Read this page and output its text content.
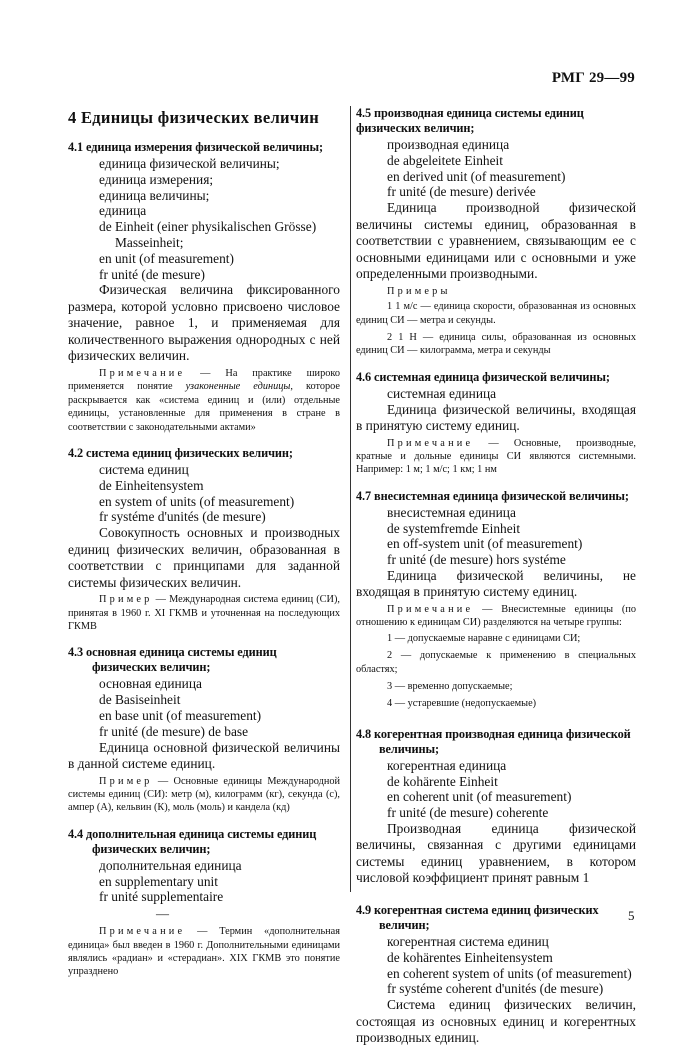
РМГ 29—99
4 Единицы физических величин
4.1 единица измерения физической величины;
единица физической величины;
единица измерения;
единица величины;
единица
de Einheit (einer physikalischen Grösse)
Masseinheit;
en unit (of measurement)
fr unité (de mesure)

Физическая величина фиксированного размера, которой условно присвоено числовое значение, равное 1, и применяемая для количественного выражения однородных с ней физических величин.

Примечание — На практике широко применяется понятие узаконенные единицы, которое раскрывается как «система единиц и (или) отдельные единицы, установленные для применения в стране в соответствии с законодательными актами»

4.2 система единиц физических величин;
система единиц
de Einheitensystem
en system of units (of measurement)
fr systéme d'unités (de mesure)

Совокупность основных и производных единиц физических величин, образованная в соответствии с принципами для заданной системы физических величин.

Пример — Международная система единиц (СИ), принятая в 1960 г. XI ГКМВ и уточненная на последующих ГКМВ

4.3 основная единица системы единиц физических величин;
основная единица
de Basiseinheit
en base unit (of measurement)
fr unité (de mesure) de base

Единица основной физической величины в данной системе единиц.

Пример — Основные единицы Международной системы единиц (СИ): метр (м), килограмм (кг), секунда (с), ампер (А), кельвин (К), моль (моль) и кандела (кд)

4.4 дополнительная единица системы единиц физических величин;
дополнительная единица
en supplementary unit
fr unité supplementaire
—

Примечание — Термин «дополнительная единица» был введен в 1960 г. Дополнительными единицами являлись «радиан» и «стерадиан». XIX ГКМВ это понятие упразднено

4.5 производная единица системы единиц физических величин;
производная единица
de abgeleitete Einheit
en derived unit (of measurement)
fr unité (de mesure) derivée

Единица производной физической величины системы единиц, образованная в соответствии с уравнением, связывающим ее с основными единицами или с основными и уже определенными производными.

Примеры

1 1 м/с — единица скорости, образованная из основных единиц СИ — метра и секунды.
2 1 Н — единица силы, образованная из основных единиц СИ — килограмма, метра и секунды
4.6 системная единица физической величины;
системная единица

Единица физической величины, входящая в принятую систему единиц.

Примечание — Основные, производные, кратные и дольные единицы СИ являются системными. Например: 1 м; 1 м/с; 1 км; 1 нм

4.7 внесистемная единица физической величины;
внесистемная единица
de systemfremde Einheit
en off-system unit (of measurement)
fr unité (de mesure) hors systéme

Единица физической величины, не входящая в принятую систему единиц.

Примечание — Внесистемные единицы (по отношению к единицам СИ) разделяются на четыре группы:

1 — допускаемые наравне с единицами СИ;
2 — допускаемые к применению в специальных областях;
3 — временно допускаемые;
4 — устаревшие (недопускаемые)
4.8 когерентная производная единица физической величины;
когерентная единица
de kohärente Einheit
en coherent unit (of measurement)
fr unité (de mesure) coherente

Производная единица физической величины, связанная с другими единицами системы единиц уравнением, в котором числовой коэффициент принят равным 1

4.9 когерентная система единиц физических величин;
когерентная система единиц
de kohärentes Einheitensystem
en coherent system of units (of measurement)
fr systéme coherent d'unités (de mesure)

Система единиц физических величин, состоящая из основных единиц и когерентных производных единиц.

5
